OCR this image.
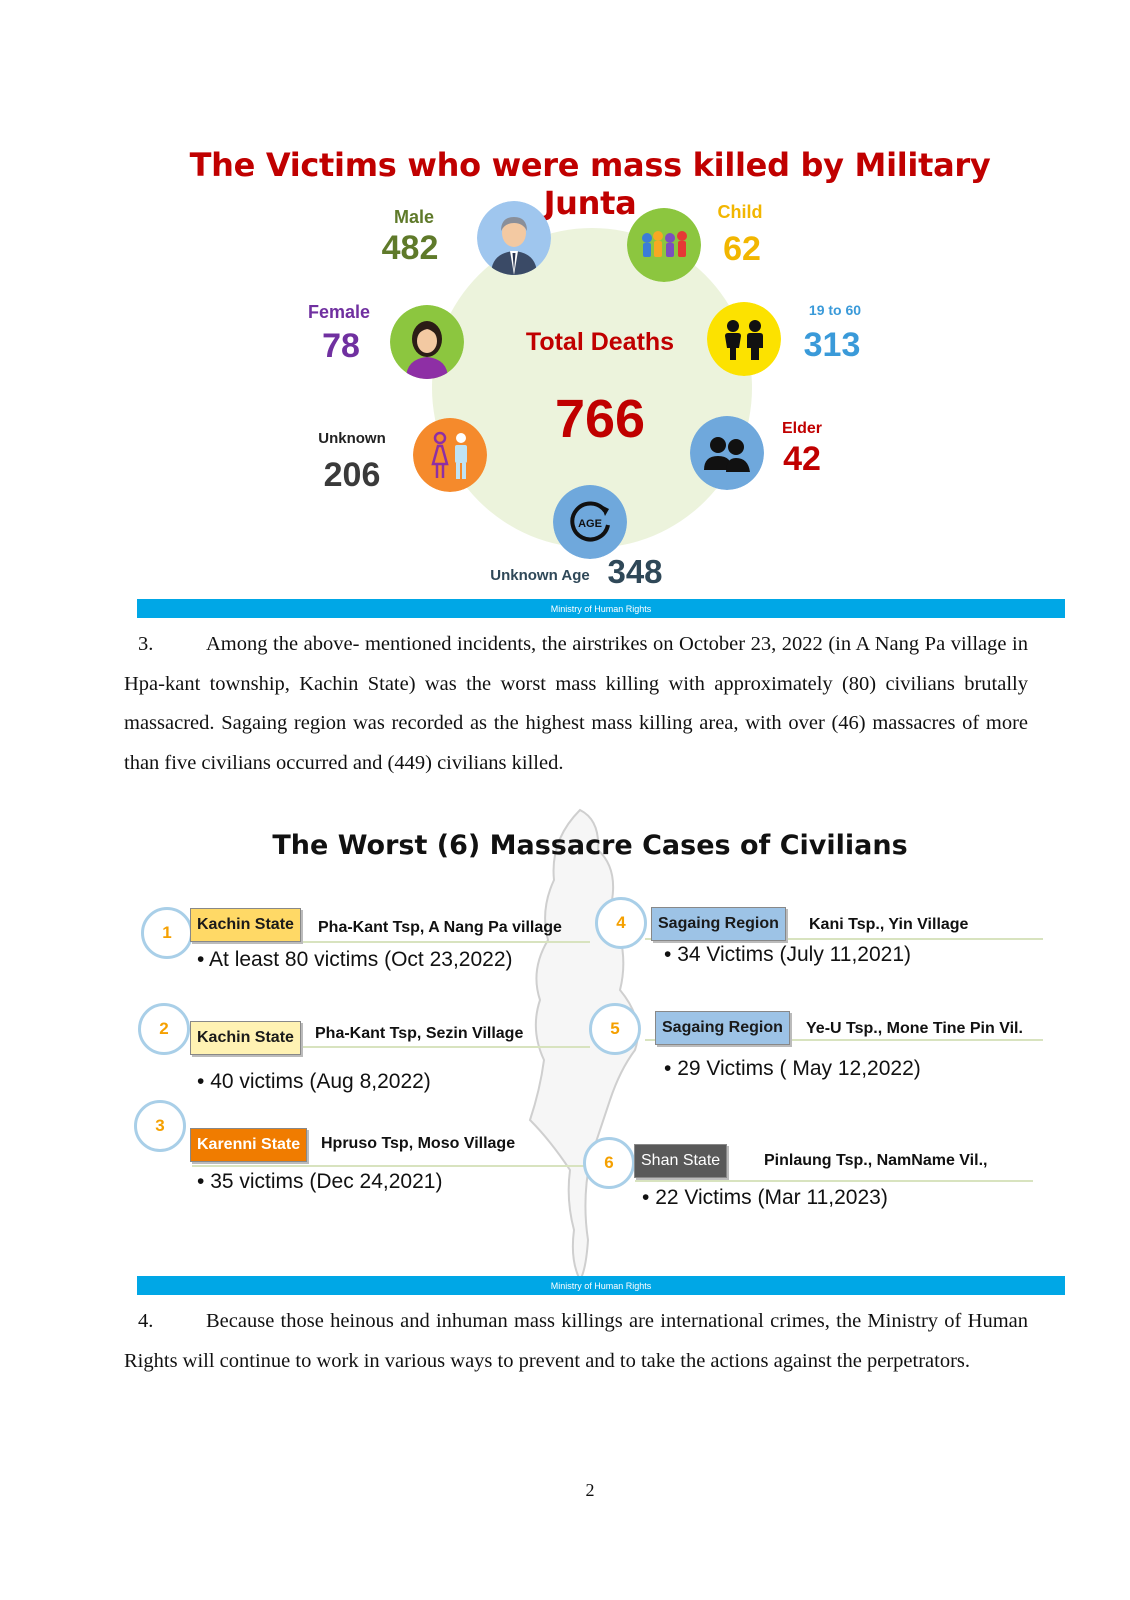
The Victims who were mass killed by Military Junta
Male
482
Child
62
Female
78
19 to 60
313
Total Deaths
766
Unknown
206
Elder
42
AGE
Unknown Age 348
Ministry of Human Rights
3.	Among the above- mentioned incidents, the airstrikes on October 23, 2022 (in A Nang Pa village in Hpa-kant township, Kachin State) was the worst mass killing with approximately (80) civilians brutally massacred. Sagaing region was recorded as the highest mass killing area, with over (46) massacres of more than five civilians occurred and (449) civilians killed.
The Worst (6) Massacre Cases of Civilians
1	Kachin State	Pha-Kant Tsp, A Nang Pa village
• At least 80 victims (Oct 23,2022)
2	Kachin State	Pha-Kant Tsp, Sezin Village
• 40 victims (Aug 8,2022)
3
Karenni State	Hpruso Tsp, Moso Village
• 35 victims (Dec 24,2021)
4	Sagaing Region	Kani Tsp., Yin Village
• 34 Victims (July 11,2021)
5	Sagaing Region	Ye-U Tsp., Mone Tine Pin Vil.
• 29 Victims ( May 12,2022)
6	Shan State	Pinlaung Tsp., NamName Vil.,
• 22 Victims (Mar 11,2023)
Ministry of Human Rights
4.	Because those heinous and inhuman mass killings are international crimes, the Ministry of Human Rights will continue to work in various ways to prevent and to take the actions against the perpetrators.
2
